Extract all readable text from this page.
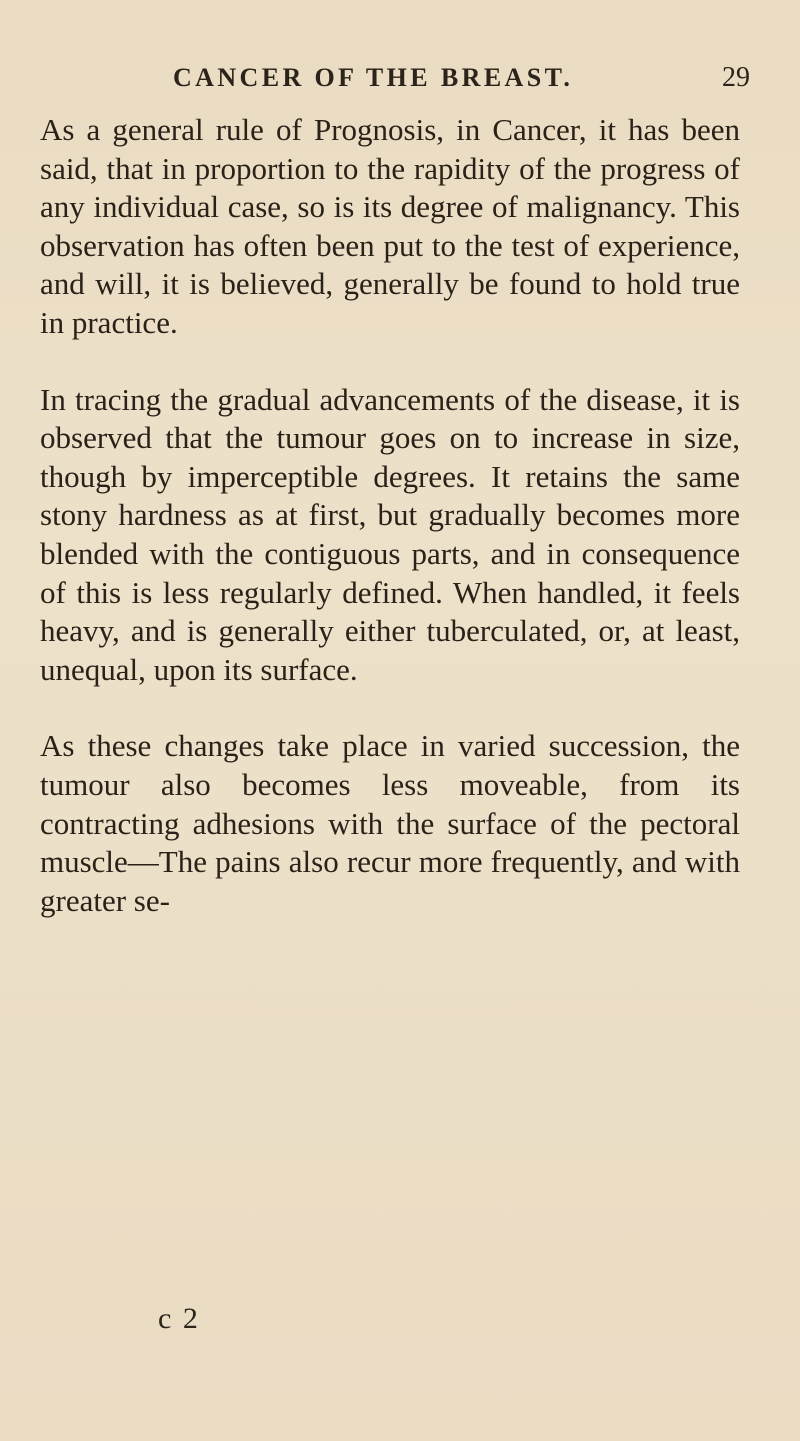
CANCER OF THE BREAST.	29

As a general rule of Prognosis, in Cancer, it has been said, that in proportion to the rapidity of the progress of any individual case, so is its degree of malignancy. This observation has often been put to the test of experience, and will, it is believed, generally be found to hold true in practice.

In tracing the gradual advancements of the disease, it is observed that the tumour goes on to increase in size, though by imperceptible degrees. It retains the same stony hardness as at first, but gradually becomes more blended with the contiguous parts, and in consequence of this is less regularly defined. When handled, it feels heavy, and is generally either tuberculated, or, at least, unequal, upon its surface.

As these changes take place in varied succession, the tumour also becomes less moveable, from its contracting adhesions with the surface of the pectoral muscle—The pains also recur more frequently, and with greater se-

c 2
